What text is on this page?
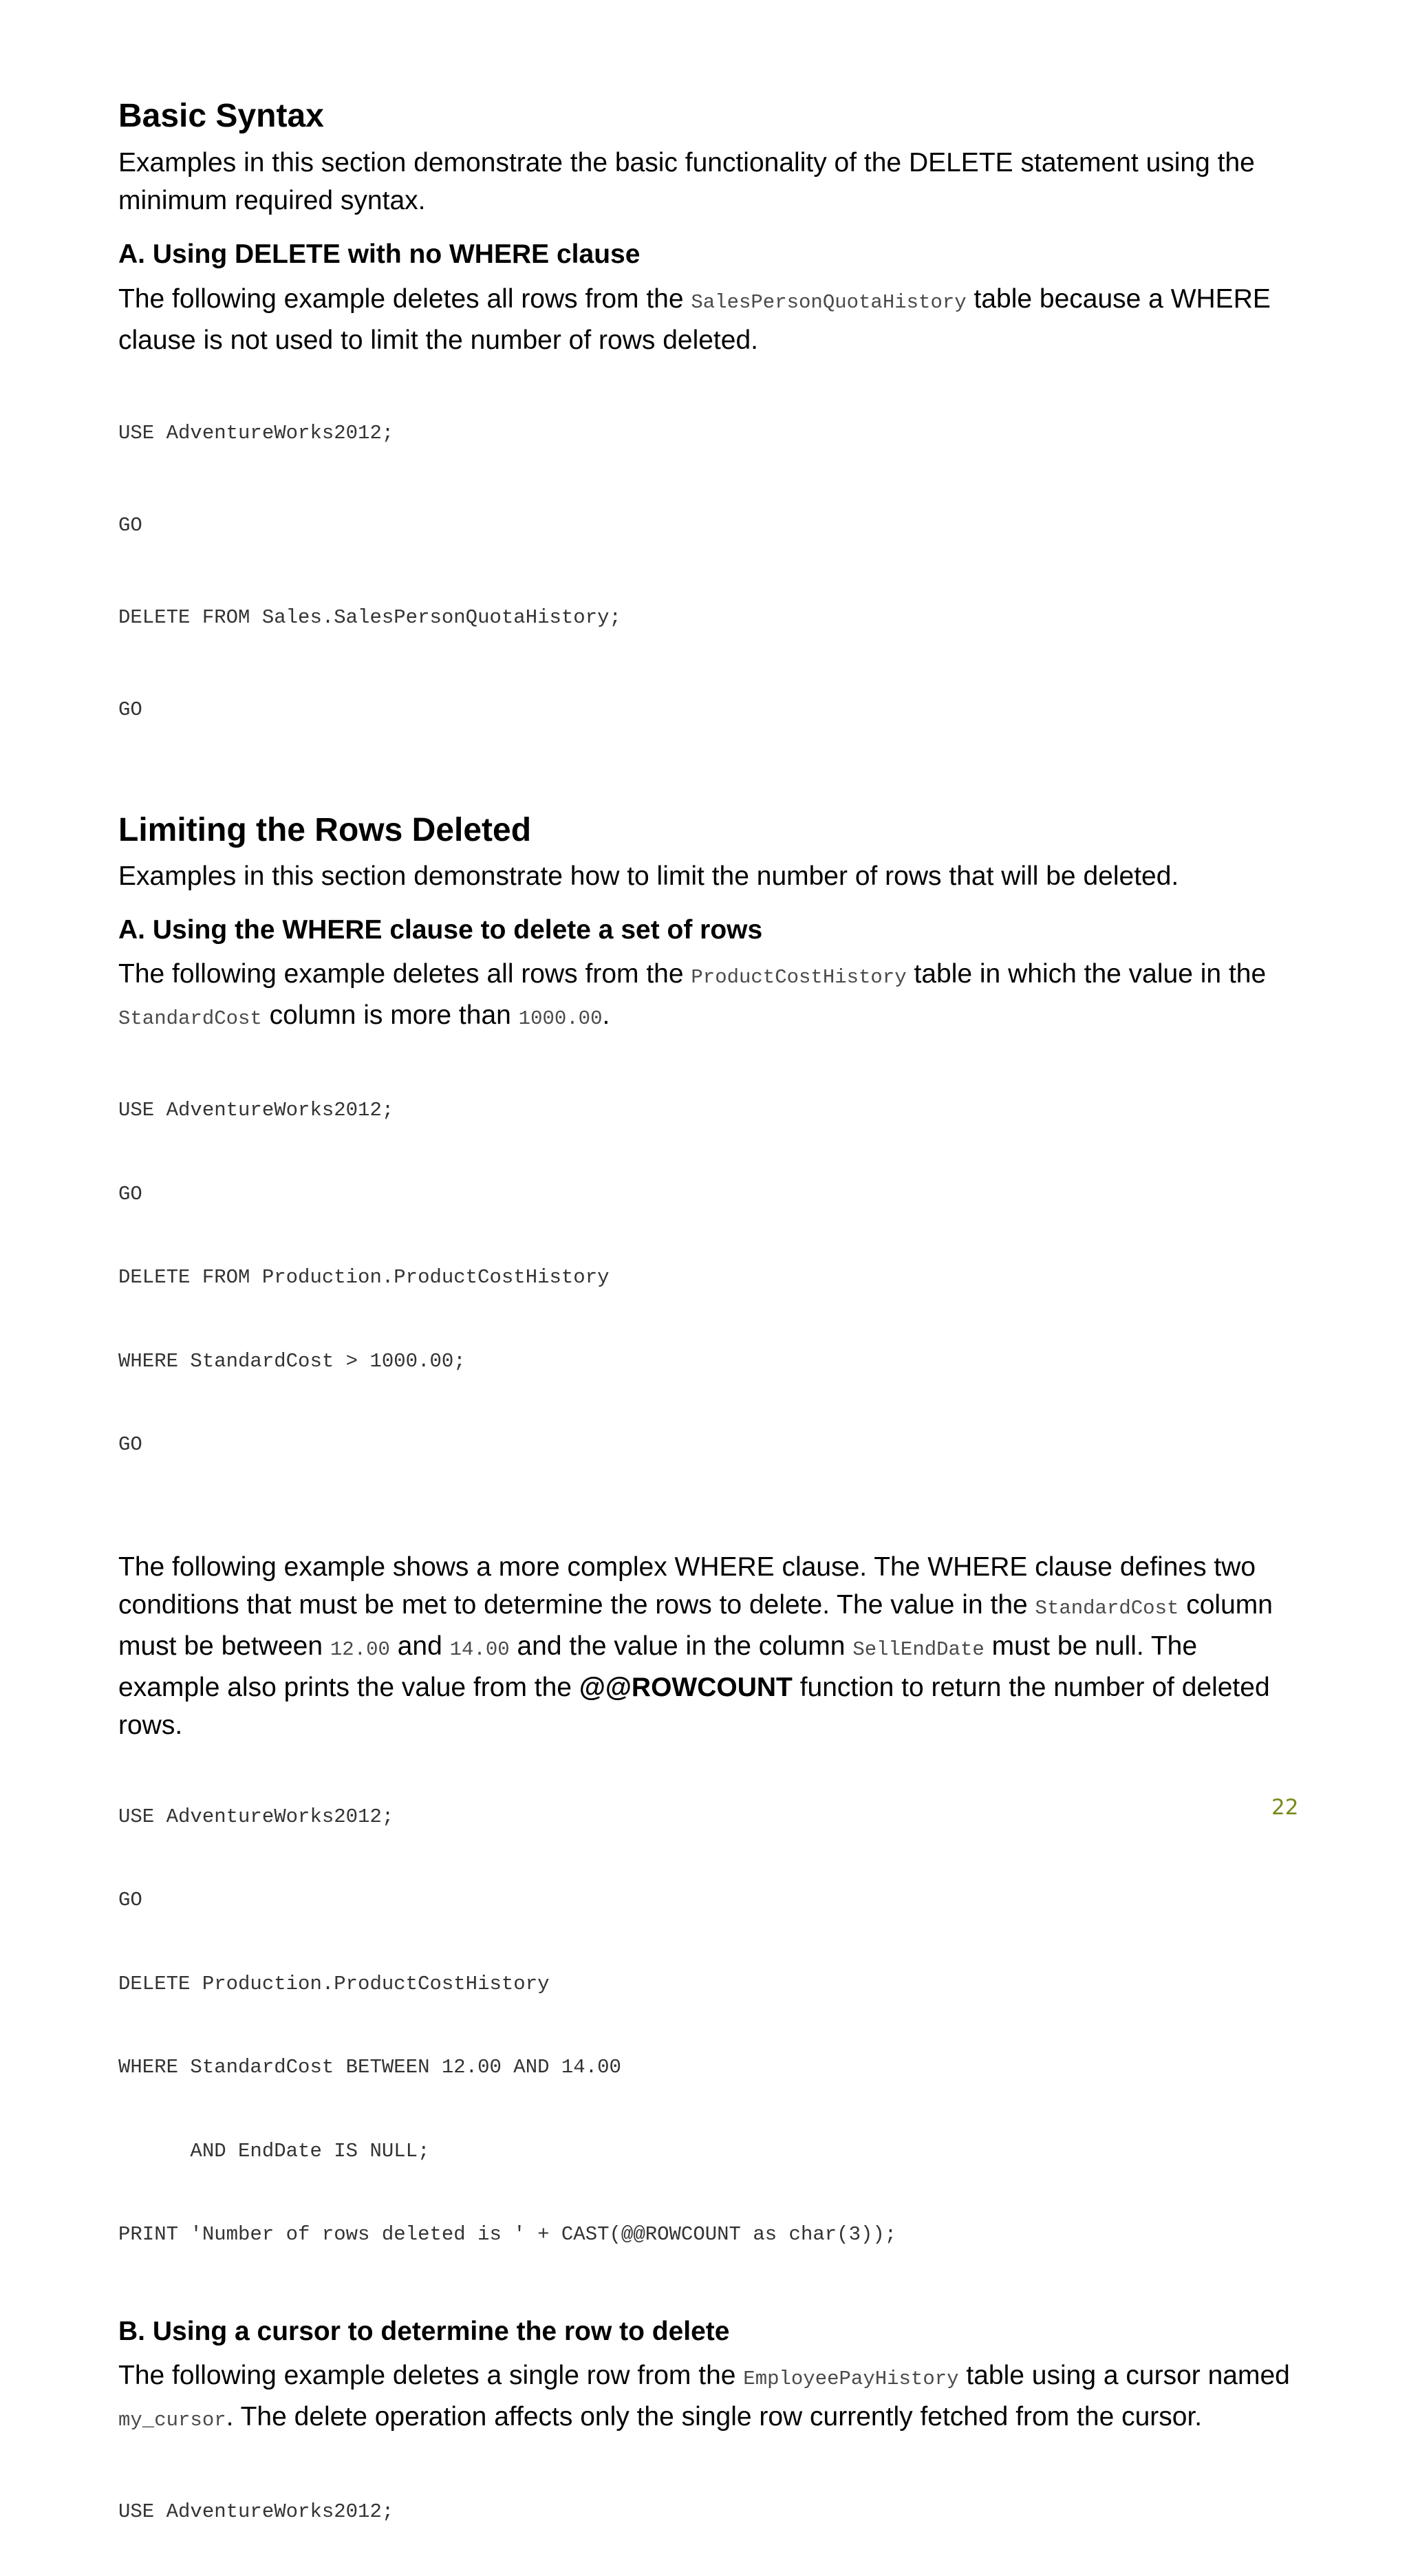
Basic Syntax

Examples in this section demonstrate the basic functionality of the DELETE statement using the minimum required syntax.

A. Using DELETE with no WHERE clause

The following example deletes all rows from the SalesPersonQuotaHistory table because a WHERE clause is not used to limit the number of rows deleted.

USE AdventureWorks2012;

GO

DELETE FROM Sales.SalesPersonQuotaHistory;

GO

Limiting the Rows Deleted

Examples in this section demonstrate how to limit the number of rows that will be deleted.

A. Using the WHERE clause to delete a set of rows

The following example deletes all rows from the ProductCostHistory table in which the value in the StandardCost column is more than 1000.00.

USE AdventureWorks2012;

GO

DELETE FROM Production.ProductCostHistory

WHERE StandardCost > 1000.00;

GO

The following example shows a more complex WHERE clause. The WHERE clause defines two conditions that must be met to determine the rows to delete. The value in the StandardCost column must be between 12.00 and 14.00 and the value in the column SellEndDate must be null. The example also prints the value from the @@ROWCOUNT function to return the number of deleted rows.

USE AdventureWorks2012;

GO

DELETE Production.ProductCostHistory

WHERE StandardCost BETWEEN 12.00 AND 14.00

AND EndDate IS NULL;

PRINT 'Number of rows deleted is ' + CAST(@@ROWCOUNT as char(3));

B. Using a cursor to determine the row to delete

The following example deletes a single row from the EmployeePayHistory table using a cursor named my_cursor. The delete operation affects only the single row currently fetched from the cursor.

USE AdventureWorks2012;

22
